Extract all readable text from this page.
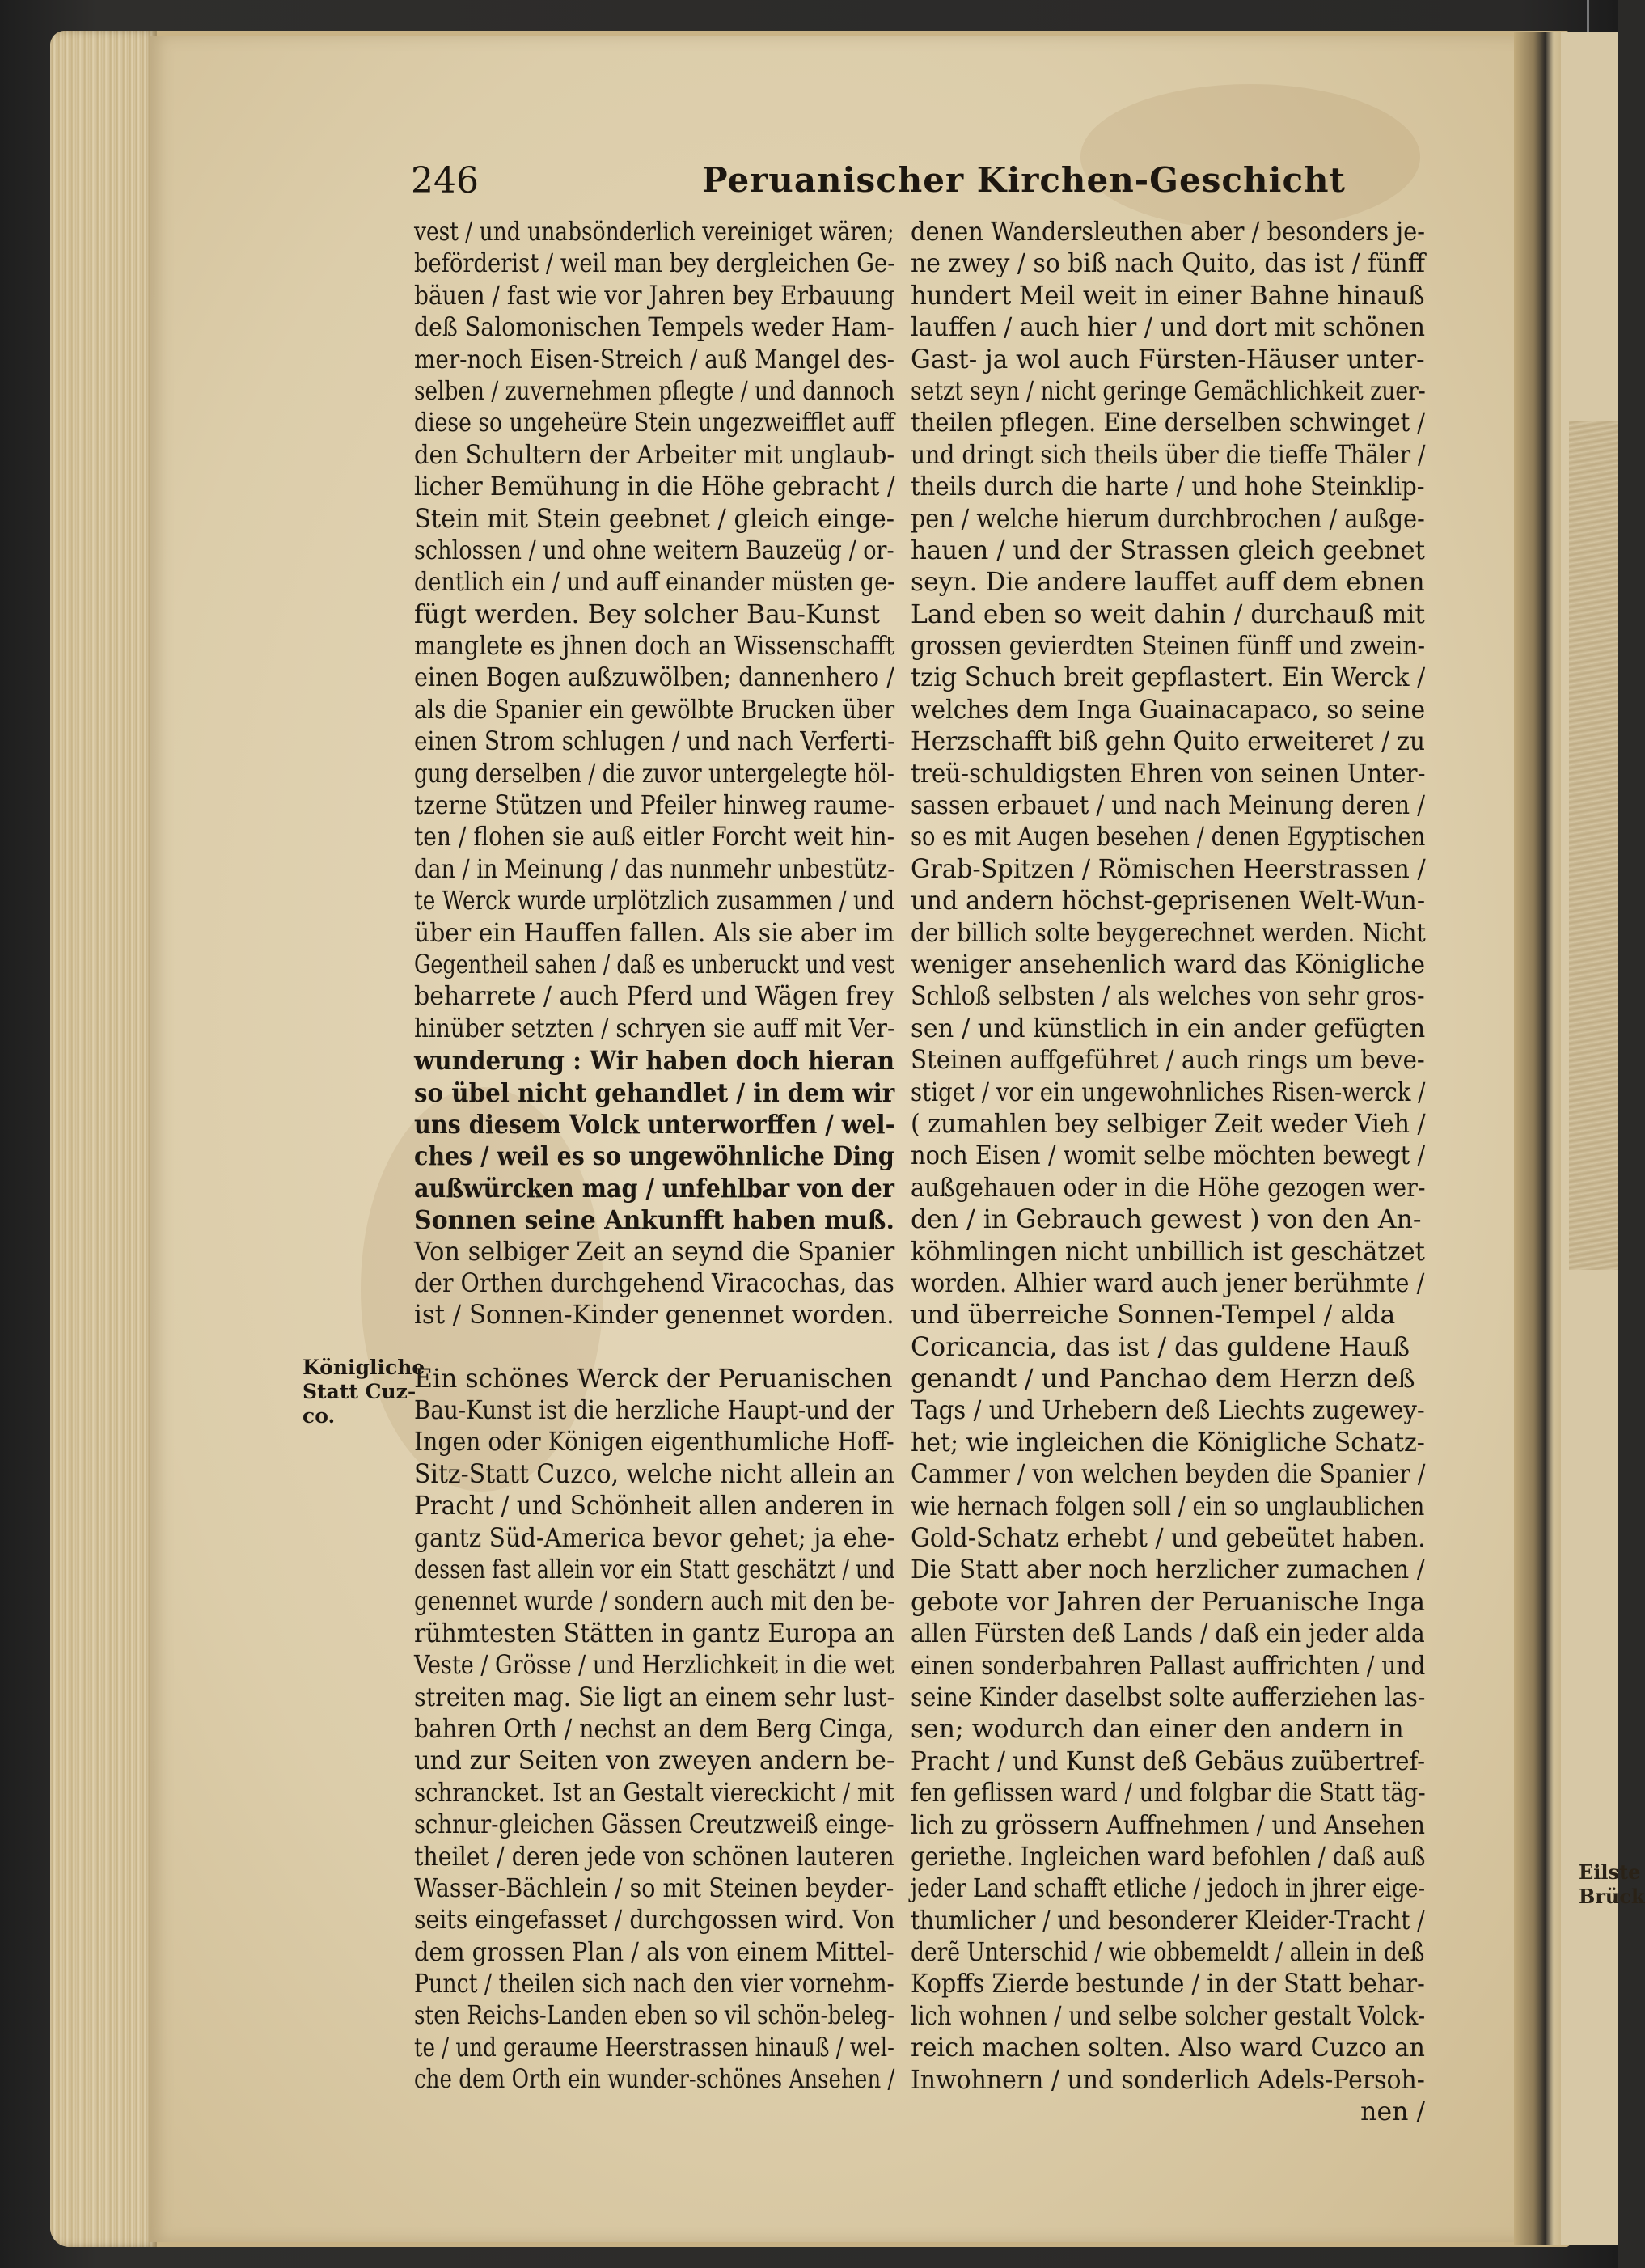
Eilste
Brück
246	Peruanischer Kirchen-Geschicht
Königliche
Statt Cuz-
co.
vest / und unabsönderlich vereiniget wären;
beförderist / weil man bey dergleichen Ge-
bäuen / fast wie vor Jahren bey Erbauung
deß Salomonischen Tempels weder Ham-
mer-noch Eisen-Streich / auß Mangel des-
selben / zuvernehmen pflegte / und dannoch
diese so ungeheüre Stein ungezweifflet auff
den Schultern der Arbeiter mit unglaub-
licher Bemühung in die Höhe gebracht /
Stein mit Stein geebnet / gleich einge-
schlossen / und ohne weitern Bauzeüg / or-
dentlich ein / und auff einander müsten ge-
fügt werden. Bey solcher Bau-Kunst
manglete es jhnen doch an Wissenschafft
einen Bogen außzuwölben; dannenhero /
als die Spanier ein gewölbte Brucken über
einen Strom schlugen / und nach Verferti-
gung derselben / die zuvor untergelegte höl-
tzerne Stützen und Pfeiler hinweg raume-
ten / flohen sie auß eitler Forcht weit hin-
dan / in Meinung / das nunmehr unbestütz-
te Werck wurde urplötzlich zusammen / und
über ein Hauffen fallen. Als sie aber im
Gegentheil sahen / daß es unberuckt und vest
beharrete / auch Pferd und Wägen frey
hinüber setzten / schryen sie auff mit Ver-
wunderung : Wir haben doch hieran
so übel nicht gehandlet / in dem wir
uns diesem Volck unterworffen / wel-
ches / weil es so ungewöhnliche Ding
außwürcken mag / unfehlbar von der
Sonnen seine Ankunfft haben muß.
Von selbiger Zeit an seynd die Spanier
der Orthen durchgehend Viracochas, das
ist / Sonnen-Kinder genennet worden.
Ein schönes Werck der Peruanischen
Bau-Kunst ist die herzliche Haupt-und der
Ingen oder Königen eigenthumliche Hoff-
Sitz-Statt Cuzco, welche nicht allein an
Pracht / und Schönheit allen anderen in
gantz Süd-America bevor gehet; ja ehe-
dessen fast allein vor ein Statt geschätzt / und
genennet wurde / sondern auch mit den be-
rühmtesten Stätten in gantz Europa an
Veste / Grösse / und Herzlichkeit in die wet
streiten mag. Sie ligt an einem sehr lust-
bahren Orth / nechst an dem Berg Cinga,
und zur Seiten von zweyen andern be-
schrancket. Ist an Gestalt viereckicht / mit
schnur-gleichen Gässen Creutzweiß einge-
theilet / deren jede von schönen lauteren
Wasser-Bächlein / so mit Steinen beyder-
seits eingefasset / durchgossen wird. Von
dem grossen Plan / als von einem Mittel-
Punct / theilen sich nach den vier vornehm-
sten Reichs-Landen eben so vil schön-beleg-
te / und geraume Heerstrassen hinauß / wel-
che dem Orth ein wunder-schönes Ansehen /
denen Wandersleuthen aber / besonders je-
ne zwey / so biß nach Quito, das ist / fünff
hundert Meil weit in einer Bahne hinauß
lauffen / auch hier / und dort mit schönen
Gast- ja wol auch Fürsten-Häuser unter-
setzt seyn / nicht geringe Gemächlichkeit zuer-
theilen pflegen. Eine derselben schwinget /
und dringt sich theils über die tieffe Thäler /
theils durch die harte / und hohe Steinklip-
pen / welche hierum durchbrochen / außge-
hauen / und der Strassen gleich geebnet
seyn. Die andere lauffet auff dem ebnen
Land eben so weit dahin / durchauß mit
grossen gevierdten Steinen fünff und zwein-
tzig Schuch breit gepflastert. Ein Werck /
welches dem Inga Guainacapaco, so seine
Herzschafft biß gehn Quito erweiteret / zu
treü-schuldigsten Ehren von seinen Unter-
sassen erbauet / und nach Meinung deren /
so es mit Augen besehen / denen Egyptischen
Grab-Spitzen / Römischen Heerstrassen /
und andern höchst-geprisenen Welt-Wun-
der billich solte beygerechnet werden. Nicht
weniger ansehenlich ward das Königliche
Schloß selbsten / als welches von sehr gros-
sen / und künstlich in ein ander gefügten
Steinen auffgeführet / auch rings um beve-
stiget / vor ein ungewohnliches Risen-werck /
( zumahlen bey selbiger Zeit weder Vieh /
noch Eisen / womit selbe möchten bewegt /
außgehauen oder in die Höhe gezogen wer-
den / in Gebrauch gewest ) von den An-
köhmlingen nicht unbillich ist geschätzet
worden. Alhier ward auch jener berühmte /
und überreiche Sonnen-Tempel / alda
Coricancia, das ist / das guldene Hauß
genandt / und Panchao dem Herzn deß
Tags / und Urhebern deß Liechts zugewey-
het; wie ingleichen die Königliche Schatz-
Cammer / von welchen beyden die Spanier /
wie hernach folgen soll / ein so unglaublichen
Gold-Schatz erhebt / und gebeütet haben.
Die Statt aber noch herzlicher zumachen /
gebote vor Jahren der Peruanische Inga
allen Fürsten deß Lands / daß ein jeder alda
einen sonderbahren Pallast auffrichten / und
seine Kinder daselbst solte aufferziehen las-
sen; wodurch dan einer den andern in
Pracht / und Kunst deß Gebäus zuübertref-
fen geflissen ward / und folgbar die Statt täg-
lich zu grössern Auffnehmen / und Ansehen
geriethe. Ingleichen ward befohlen / daß auß
jeder Land schafft etliche / jedoch in jhrer eige-
thumlicher / und besonderer Kleider-Tracht /
derẽ Unterschid / wie obbemeldt / allein in deß
Kopffs Zierde bestunde / in der Statt behar-
lich wohnen / und selbe solcher gestalt Volck-
reich machen solten. Also ward Cuzco an
Inwohnern / und sonderlich Adels-Persoh-
nen /
